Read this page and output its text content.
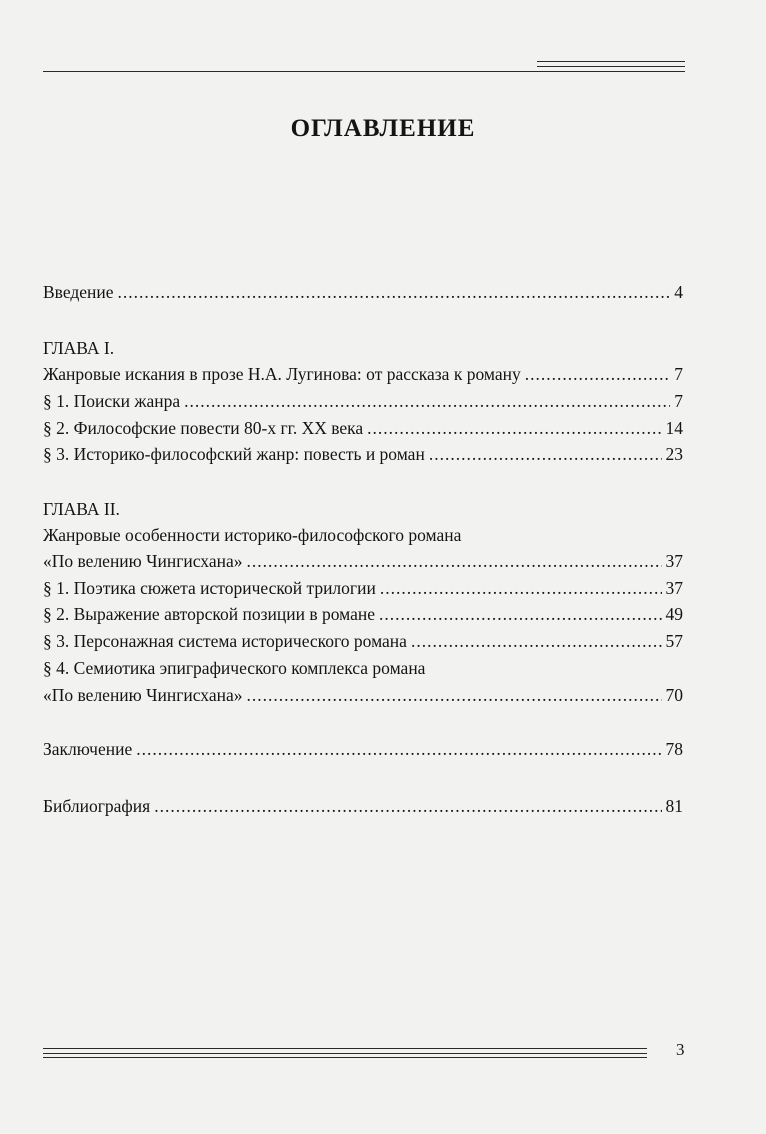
ОГЛАВЛЕНИЕ
Введение .....	4
ГЛАВА I.
Жанровые искания в прозе Н.А. Лугинова: от рассказа к роману .....	7
§ 1. Поиски жанра .....	7
§ 2. Философские повести 80-х гг. XX века .....	14
§ 3. Историко-философский жанр: повесть и роман .....	23
ГЛАВА II.
Жанровые особенности историко-философского романа
«По велению Чингисхана» .....	37
§ 1. Поэтика сюжета исторической трилогии .....	37
§ 2. Выражение авторской позиции в романе .....	49
§ 3. Персонажная система исторического романа .....	57
§ 4. Семиотика эпиграфического комплекса романа
«По велению Чингисхана» .....	70
Заключение .....	78
Библиография .....	81
3
